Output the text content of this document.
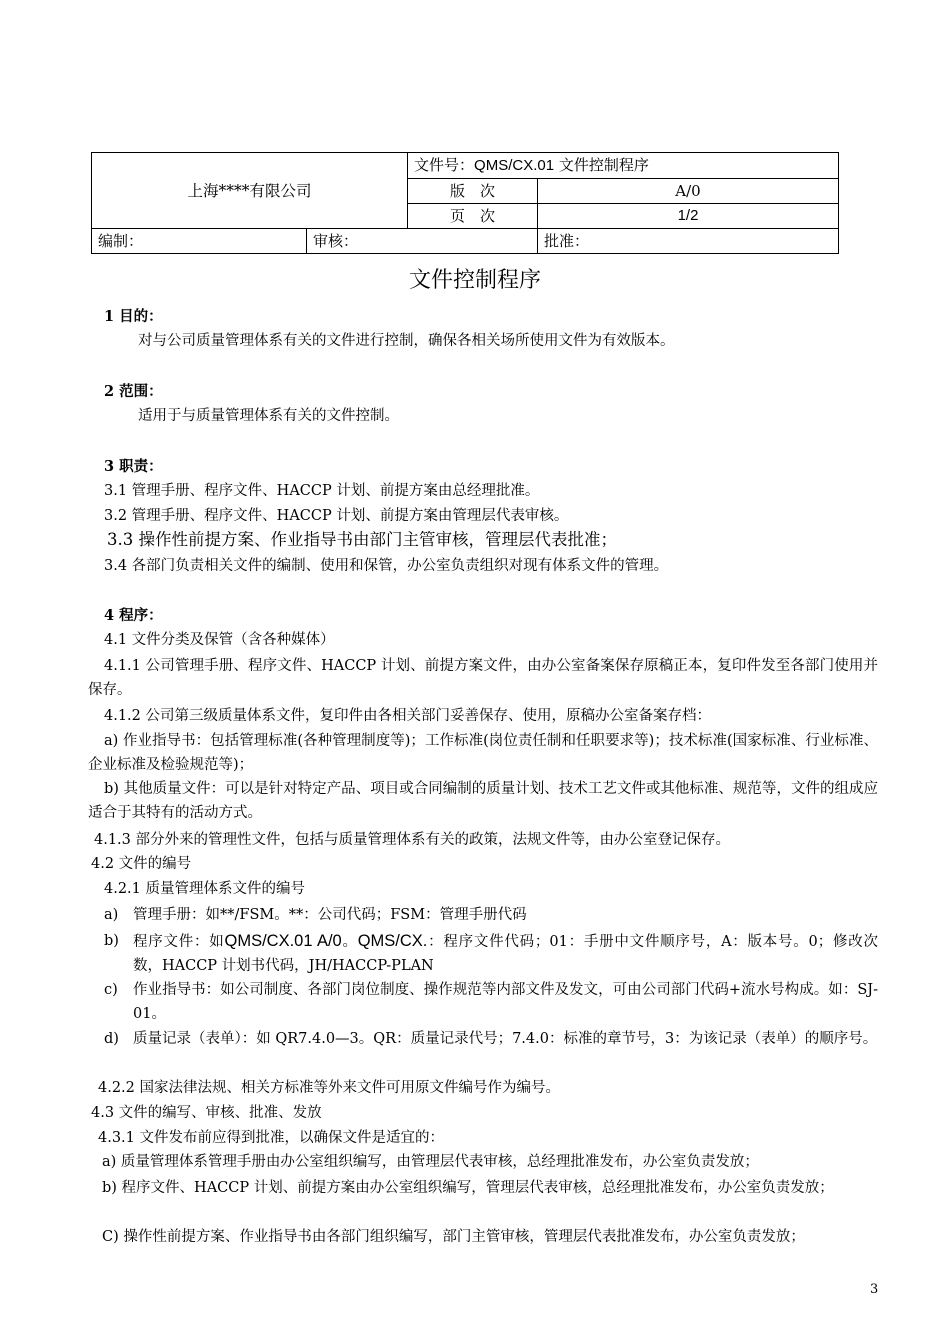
上海****有限公司		文件号：QMS/CX.01 文件控制程序	
		版　次	A/0
		页　次	1/2
编制：	审核：		批准：
文件控制程序
1 目的：
对与公司质量管理体系有关的文件进行控制，确保各相关场所使用文件为有效版本。
2 范围：
适用于与质量管理体系有关的文件控制。
3 职责：
3.1 管理手册、程序文件、HACCP 计划、前提方案由总经理批准。
3.2 管理手册、程序文件、HACCP 计划、前提方案由管理层代表审核。
3.3 操作性前提方案、作业指导书由部门主管审核，管理层代表批准；
3.4 各部门负责相关文件的编制、使用和保管，办公室负责组织对现有体系文件的管理。
4 程序：
4.1 文件分类及保管（含各种媒体）
4.1.1 公司管理手册、程序文件、HACCP 计划、前提方案文件，由办公室备案保存原稿正本，复印件发至各部门使用并保存。
4.1.2 公司第三级质量体系文件，复印件由各相关部门妥善保存、使用，原稿办公室备案存档：
a) 作业指导书：包括管理标准(各种管理制度等)；工作标准(岗位责任制和任职要求等)；技术标准(国家标准、行业标准、企业标准及检验规范等)；
b) 其他质量文件：可以是针对特定产品、项目或合同编制的质量计划、技术工艺文件或其他标准、规范等，文件的组成应适合于其特有的活动方式。
4.1.3 部分外来的管理性文件，包括与质量管理体系有关的政策，法规文件等，由办公室登记保存。
4.2 文件的编号
4.2.1 质量管理体系文件的编号
a) 管理手册：如**/FSM。**：公司代码；FSM：管理手册代码
b) 程序文件：如QMS/CX.01 A/0。QMS/CX.：程序文件代码；01：手册中文件顺序号，A：版本号。0；修改次数，HACCP 计划书代码，JH/HACCP-PLAN
c) 作业指导书：如公司制度、各部门岗位制度、操作规范等内部文件及发文，可由公司部门代码+流水号构成。如：SJ-01。
d) 质量记录（表单）：如 QR7.4.0—3。QR：质量记录代号；7.4.0：标准的章节号，3：为该记录（表单）的顺序号。
4.2.2 国家法律法规、相关方标准等外来文件可用原文件编号作为编号。
4.3 文件的编写、审核、批准、发放
4.3.1 文件发布前应得到批准，以确保文件是适宜的：
a) 质量管理体系管理手册由办公室组织编写，由管理层代表审核，总经理批准发布，办公室负责发放；
b) 程序文件、HACCP 计划、前提方案由办公室组织编写，管理层代表审核，总经理批准发布，办公室负责发放；
C) 操作性前提方案、作业指导书由各部门组织编写，部门主管审核，管理层代表批准发布，办公室负责发放；
3
